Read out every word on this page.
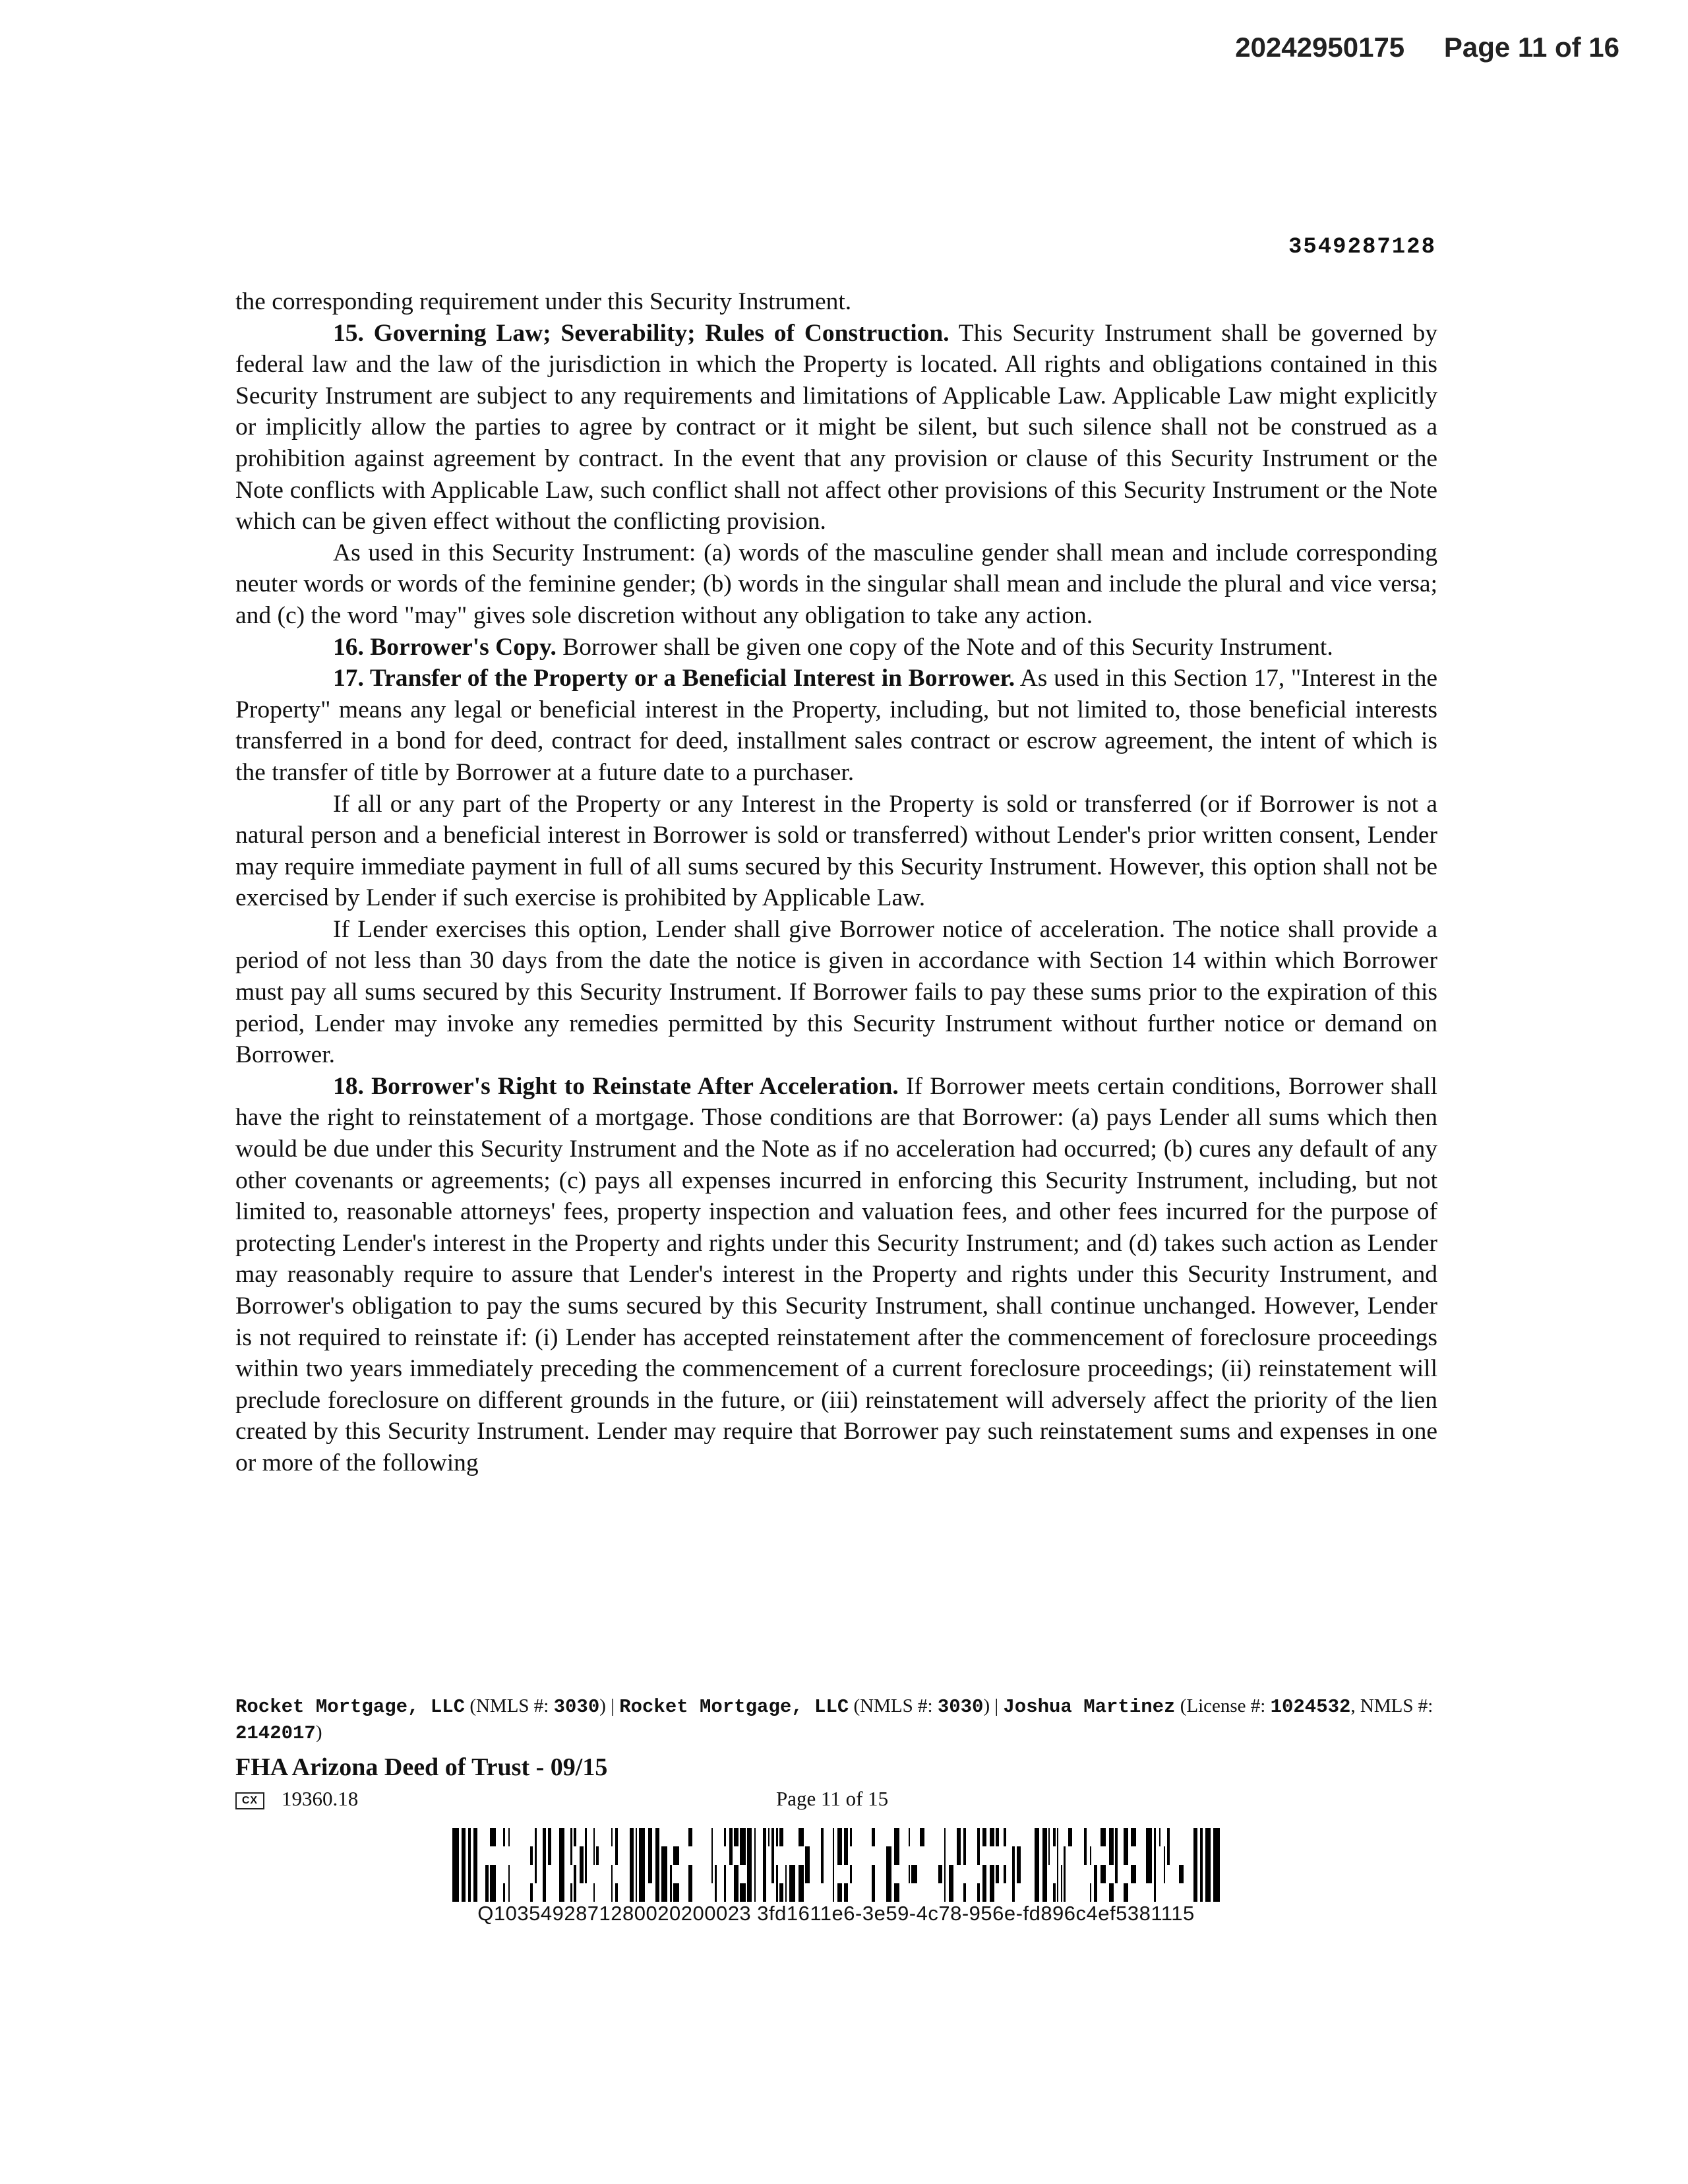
20242950175 Page 11 of 16
3549287128

the corresponding requirement under this Security Instrument.

15. Governing Law; Severability; Rules of Construction. This Security Instrument shall be governed by federal law and the law of the jurisdiction in which the Property is located. All rights and obligations contained in this Security Instrument are subject to any requirements and limitations of Applicable Law. Applicable Law might explicitly or implicitly allow the parties to agree by contract or it might be silent, but such silence shall not be construed as a prohibition against agreement by contract. In the event that any provision or clause of this Security Instrument or the Note conflicts with Applicable Law, such conflict shall not affect other provisions of this Security Instrument or the Note which can be given effect without the conflicting provision.

As used in this Security Instrument: (a) words of the masculine gender shall mean and include corresponding neuter words or words of the feminine gender; (b) words in the singular shall mean and include the plural and vice versa; and (c) the word "may" gives sole discretion without any obligation to take any action.

16. Borrower's Copy. Borrower shall be given one copy of the Note and of this Security Instrument.

17. Transfer of the Property or a Beneficial Interest in Borrower. As used in this Section 17, "Interest in the Property" means any legal or beneficial interest in the Property, including, but not limited to, those beneficial interests transferred in a bond for deed, contract for deed, installment sales contract or escrow agreement, the intent of which is the transfer of title by Borrower at a future date to a purchaser.

If all or any part of the Property or any Interest in the Property is sold or transferred (or if Borrower is not a natural person and a beneficial interest in Borrower is sold or transferred) without Lender's prior written consent, Lender may require immediate payment in full of all sums secured by this Security Instrument. However, this option shall not be exercised by Lender if such exercise is prohibited by Applicable Law.

If Lender exercises this option, Lender shall give Borrower notice of acceleration. The notice shall provide a period of not less than 30 days from the date the notice is given in accordance with Section 14 within which Borrower must pay all sums secured by this Security Instrument. If Borrower fails to pay these sums prior to the expiration of this period, Lender may invoke any remedies permitted by this Security Instrument without further notice or demand on Borrower.

18. Borrower's Right to Reinstate After Acceleration. If Borrower meets certain conditions, Borrower shall have the right to reinstatement of a mortgage. Those conditions are that Borrower: (a) pays Lender all sums which then would be due under this Security Instrument and the Note as if no acceleration had occurred; (b) cures any default of any other covenants or agreements; (c) pays all expenses incurred in enforcing this Security Instrument, including, but not limited to, reasonable attorneys' fees, property inspection and valuation fees, and other fees incurred for the purpose of protecting Lender's interest in the Property and rights under this Security Instrument; and (d) takes such action as Lender may reasonably require to assure that Lender's interest in the Property and rights under this Security Instrument, and Borrower's obligation to pay the sums secured by this Security Instrument, shall continue unchanged. However, Lender is not required to reinstate if: (i) Lender has accepted reinstatement after the commencement of foreclosure proceedings within two years immediately preceding the commencement of a current foreclosure proceedings; (ii) reinstatement will preclude foreclosure on different grounds in the future, or (iii) reinstatement will adversely affect the priority of the lien created by this Security Instrument. Lender may require that Borrower pay such reinstatement sums and expenses in one or more of the following

Rocket Mortgage, LLC (NMLS #: 3030) | Rocket Mortgage, LLC (NMLS #: 3030) | Joshua Martinez (License #: 1024532, NMLS #: 2142017)
FHA Arizona Deed of Trust - 09/15
CX 19360.18	Page 11 of 15
Q1035492871280020200023 3fd1611e6-3e59-4c78-956e-fd896c4ef5381115
